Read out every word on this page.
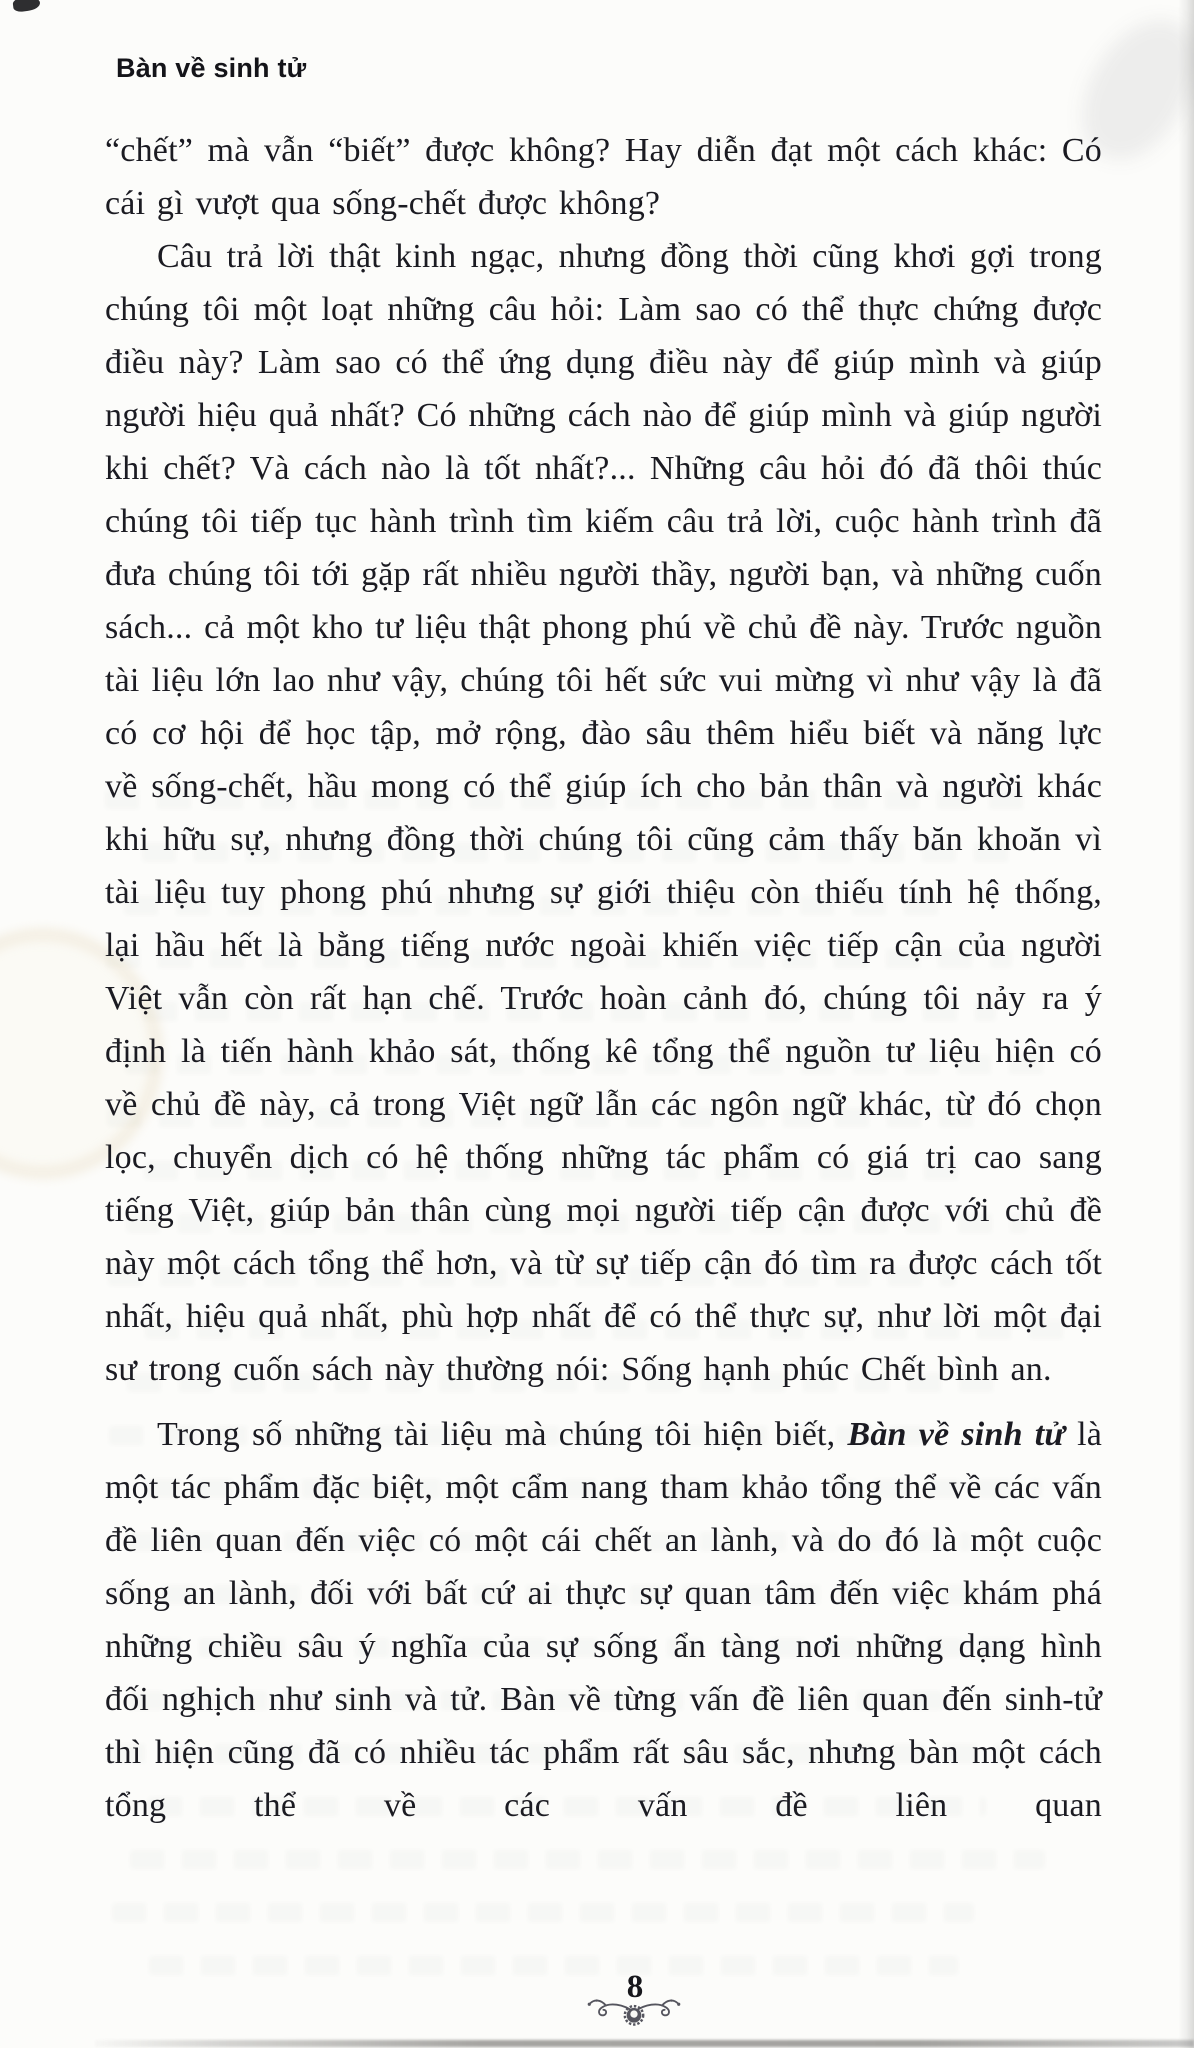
Bàn về sinh tử

“chết” mà vẫn “biết” được không? Hay diễn đạt một cách khác: Có cái gì vượt qua sống-chết được không?

Câu trả lời thật kinh ngạc, nhưng đồng thời cũng khơi gợi trong chúng tôi một loạt những câu hỏi: Làm sao có thể thực chứng được điều này? Làm sao có thể ứng dụng điều này để giúp mình và giúp người hiệu quả nhất? Có những cách nào để giúp mình và giúp người khi chết? Và cách nào là tốt nhất?... Những câu hỏi đó đã thôi thúc chúng tôi tiếp tục hành trình tìm kiếm câu trả lời, cuộc hành trình đã đưa chúng tôi tới gặp rất nhiều người thầy, người bạn, và những cuốn sách... cả một kho tư liệu thật phong phú về chủ đề này. Trước nguồn tài liệu lớn lao như vậy, chúng tôi hết sức vui mừng vì như vậy là đã có cơ hội để học tập, mở rộng, đào sâu thêm hiểu biết và năng lực về sống-chết, hầu mong có thể giúp ích cho bản thân và người khác khi hữu sự, nhưng đồng thời chúng tôi cũng cảm thấy băn khoăn vì tài liệu tuy phong phú nhưng sự giới thiệu còn thiếu tính hệ thống, lại hầu hết là bằng tiếng nước ngoài khiến việc tiếp cận của người Việt vẫn còn rất hạn chế. Trước hoàn cảnh đó, chúng tôi nảy ra ý định là tiến hành khảo sát, thống kê tổng thể nguồn tư liệu hiện có về chủ đề này, cả trong Việt ngữ lẫn các ngôn ngữ khác, từ đó chọn lọc, chuyển dịch có hệ thống những tác phẩm có giá trị cao sang tiếng Việt, giúp bản thân cùng mọi người tiếp cận được với chủ đề này một cách tổng thể hơn, và từ sự tiếp cận đó tìm ra được cách tốt nhất, hiệu quả nhất, phù hợp nhất để có thể thực sự, như lời một đại sư trong cuốn sách này thường nói: Sống hạnh phúc Chết bình an.

Trong số những tài liệu mà chúng tôi hiện biết, Bàn về sinh tử là một tác phẩm đặc biệt, một cẩm nang tham khảo tổng thể về các vấn đề liên quan đến việc có một cái chết an lành, và do đó là một cuộc sống an lành, đối với bất cứ ai thực sự quan tâm đến việc khám phá những chiều sâu ý nghĩa của sự sống ẩn tàng nơi những dạng hình đối nghịch như sinh và tử. Bàn về từng vấn đề liên quan đến sinh-tử thì hiện cũng đã có nhiều tác phẩm rất sâu sắc, nhưng bàn một cách tổng thể về các vấn đề liên quan

8
